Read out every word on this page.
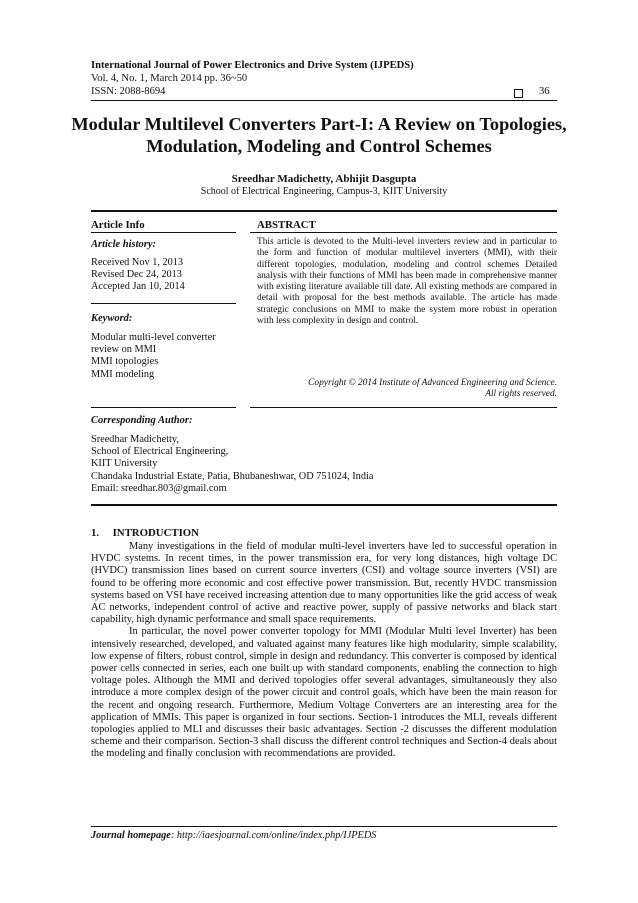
International Journal of Power Electronics and Drive System (IJPEDS)
Vol. 4, No. 1, March 2014 pp. 36~50
ISSN: 2088-8694	36
Modular Multilevel Converters Part-I: A Review on Topologies, Modulation, Modeling and Control Schemes
Sreedhar Madichetty, Abhijit Dasgupta
School of Electrical Engineering, Campus-3, KIIT University
Article Info
Article history:
Received Nov 1, 2013
Revised Dec 24, 2013
Accepted Jan 10, 2014
Keyword:
Modular multi-level converter
review on MMI
MMI topologies
MMI modeling
ABSTRACT
This article is devoted to the Multi-level inverters review and in particular to the form and function of modular multilevel inverters (MMI), with their different topologies, modulation, modeling and control schemes Detailed analysis with their functions of MMI has been made in comprehensive manner with existing literature available till date. All existing methods are compared in detail with proposal for the best methods available. The article has made strategic conclusions on MMI to make the system more robust in operation with less complexity in design and control.
Copyright © 2014 Institute of Advanced Engineering and Science.
All rights reserved.
Corresponding Author:
Sreedhar Madichetty,
School of Electrical Engineering,
KIIT University
Chandaka Industrial Estate, Patia, Bhubaneshwar, OD 751024, India
Email: sreedhar.803@gmail.com
1.     INTRODUCTION

Many investigations in the field of modular multi-level inverters have led to successful operation in HVDC systems. In recent times, in the power transmission era, for very long distances, high voltage DC (HVDC) transmission lines based on current source inverters (CSI) and voltage source inverters (VSI) are found to be offering more economic and cost effective power transmission. But, recently HVDC transmission systems based on VSI have received increasing attention due to many opportunities like the grid access of weak AC networks, independent control of active and reactive power, supply of passive networks and black start capability, high dynamic performance and small space requirements.

In particular, the novel power converter topology for MMI (Modular Multi level Inverter) has been intensively researched, developed, and valuated against many features like high modularity, simple scalability, low expense of filters, robust control, simple in design and redundancy. This converter is composed by identical power cells connected in series, each one built up with standard components, enabling the connection to high voltage poles. Although the MMI and derived topologies offer several advantages, simultaneously they also introduce a more complex design of the power circuit and control goals, which have been the main reason for the recent and ongoing research. Furthermore, Medium Voltage Converters are an interesting area for the application of MMIs. This paper is organized in four sections. Section-1 introduces the MLI, reveals different topologies applied to MLI and discusses their basic advantages. Section -2 discusses the different modulation scheme and their comparison. Section-3 shall discuss the different control techniques and Section-4 deals about the modeling and finally conclusion with recommendations are provided.

Journal homepage: http://iaesjournal.com/online/index.php/IJPEDS
